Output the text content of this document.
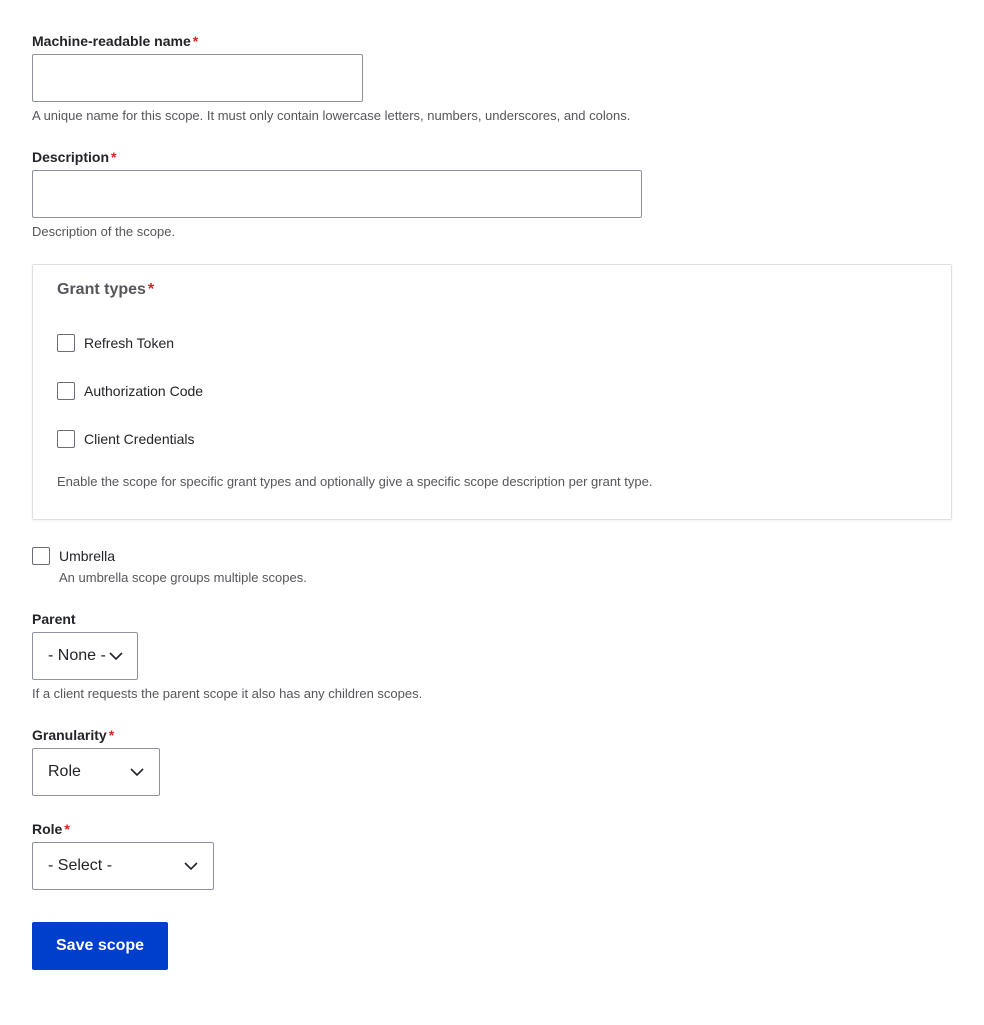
Machine-readable name *
A unique name for this scope. It must only contain lowercase letters, numbers, underscores, and colons.
Description *
Description of the scope.
Grant types *
Refresh Token
Authorization Code
Client Credentials
Enable the scope for specific grant types and optionally give a specific scope description per grant type.
Umbrella
An umbrella scope groups multiple scopes.
Parent
- None -
If a client requests the parent scope it also has any children scopes.
Granularity *
Role
Role *
- Select -
Save scope
